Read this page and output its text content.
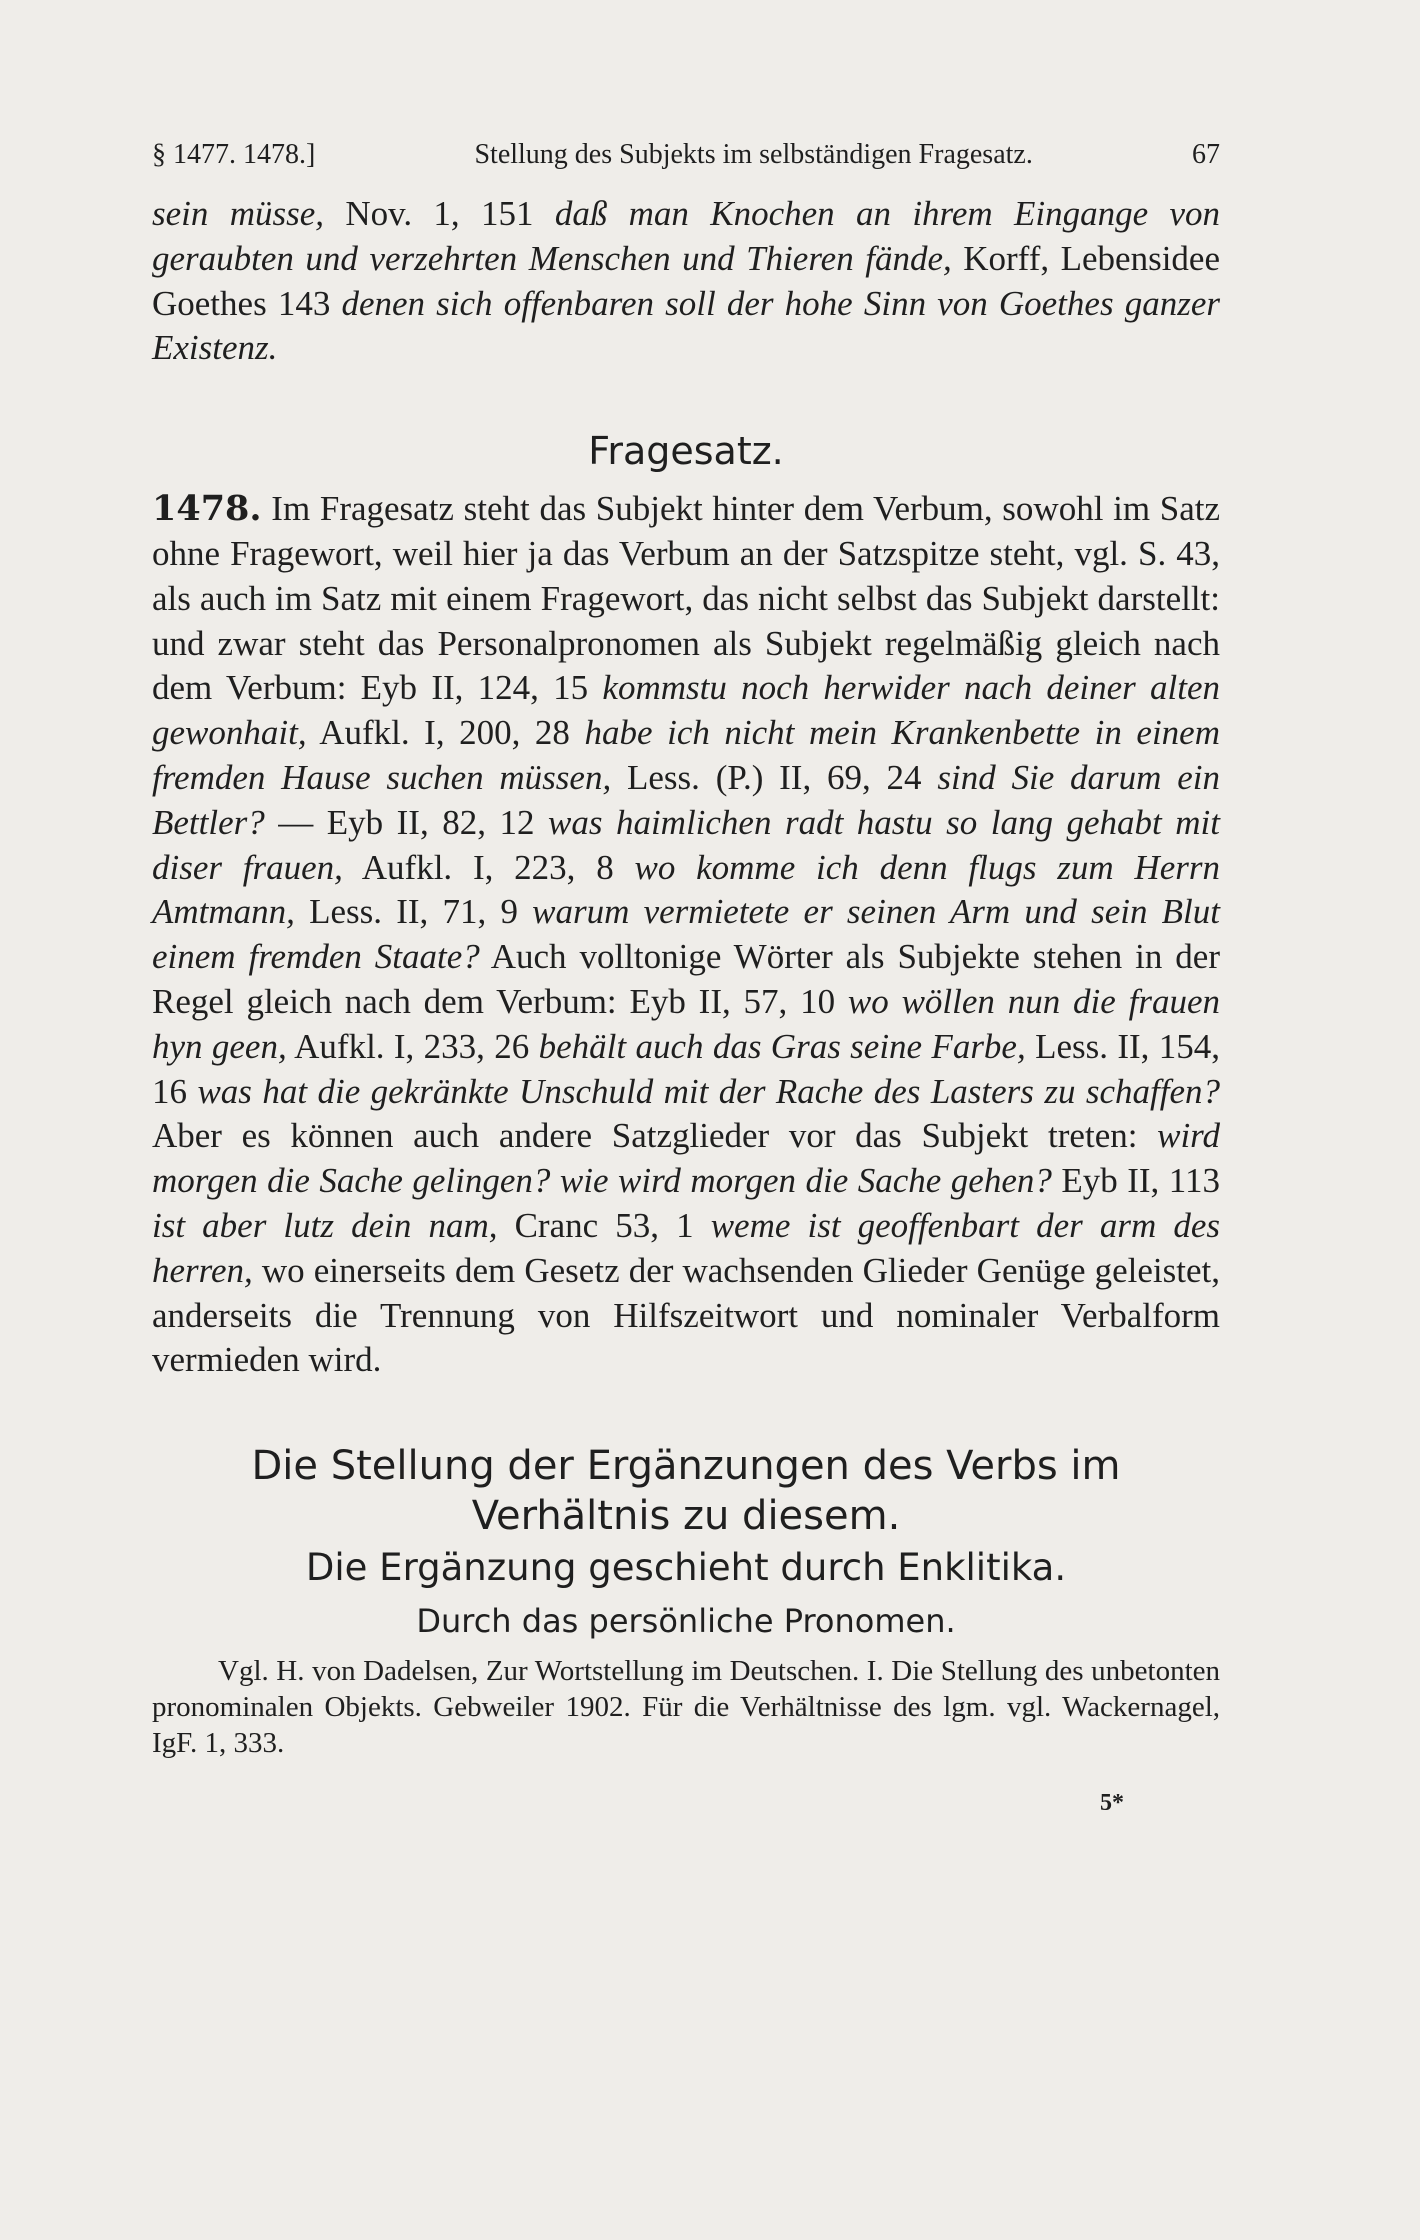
§ 1477. 1478.]	Stellung des Subjekts im selbständigen Fragesatz.	67

sein müsse, Nov. 1, 151 daß man Knochen an ihrem Eingange von geraubten und verzehrten Menschen und Thieren fände, Korff, Lebensidee Goethes 143 denen sich offenbaren soll der hohe Sinn von Goethes ganzer Existenz.

Fragesatz.

1478. Im Fragesatz steht das Subjekt hinter dem Verbum, sowohl im Satz ohne Fragewort, weil hier ja das Verbum an der Satzspitze steht, vgl. S. 43, als auch im Satz mit einem Fragewort, das nicht selbst das Subjekt darstellt: und zwar steht das Personalpronomen als Subjekt regelmäßig gleich nach dem Verbum: Eyb II, 124, 15 kommstu noch herwider nach deiner alten gewonhait, Aufkl. I, 200, 28 habe ich nicht mein Krankenbette in einem fremden Hause suchen müssen, Less. (P.) II, 69, 24 sind Sie darum ein Bettler? — Eyb II, 82, 12 was haimlichen radt hastu so lang gehabt mit diser frauen, Aufkl. I, 223, 8 wo komme ich denn flugs zum Herrn Amtmann, Less. II, 71, 9 warum vermietete er seinen Arm und sein Blut einem fremden Staate? Auch volltonige Wörter als Subjekte stehen in der Regel gleich nach dem Verbum: Eyb II, 57, 10 wo wöllen nun die frauen hyn geen, Aufkl. I, 233, 26 behält auch das Gras seine Farbe, Less. II, 154, 16 was hat die gekränkte Unschuld mit der Rache des Lasters zu schaffen? Aber es können auch andere Satzglieder vor das Subjekt treten: wird morgen die Sache gelingen? wie wird morgen die Sache gehen? Eyb II, 113 ist aber lutz dein nam, Cranc 53, 1 weme ist geoffenbart der arm des herren, wo einerseits dem Gesetz der wachsenden Glieder Genüge geleistet, anderseits die Trennung von Hilfszeitwort und nominaler Verbalform vermieden wird.

Die Stellung der Ergänzungen des Verbs im Verhältnis zu diesem.
Die Ergänzung geschieht durch Enklitika.
Durch das persönliche Pronomen.

Vgl. H. von Dadelsen, Zur Wortstellung im Deutschen. I. Die Stellung des unbetonten pronominalen Objekts. Gebweiler 1902. Für die Verhältnisse des lgm. vgl. Wackernagel, IgF. 1, 333.

5*
